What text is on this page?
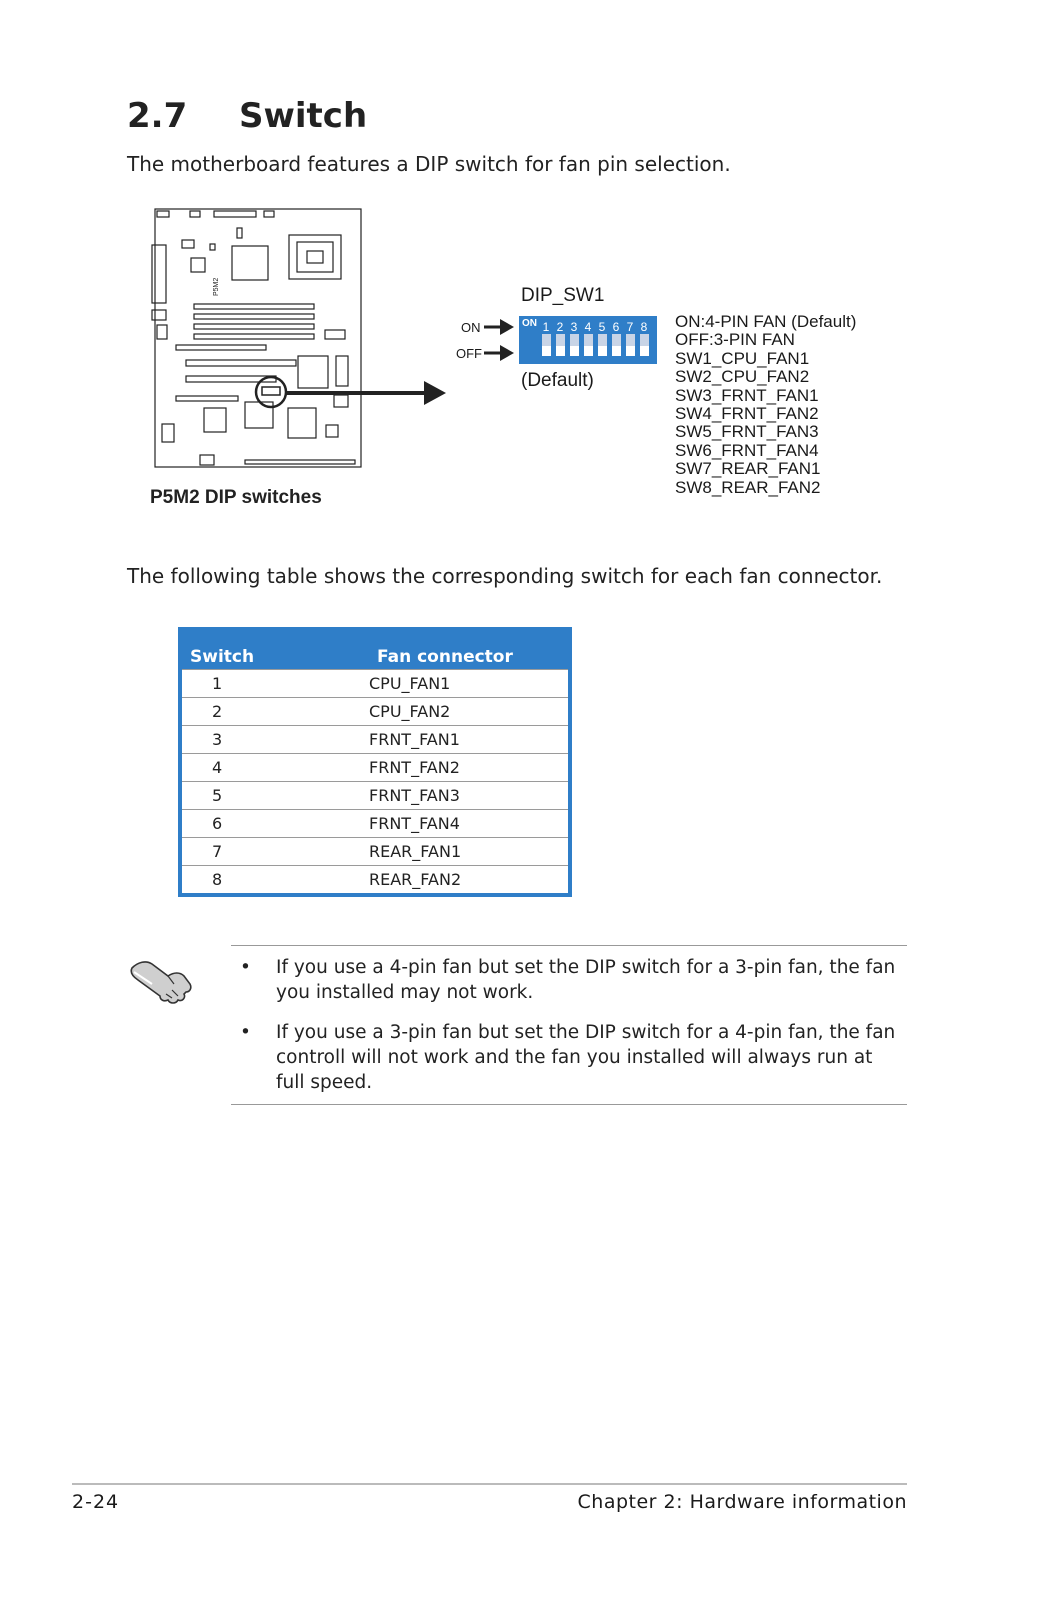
2.7 Switch
The motherboard features a DIP switch for fan pin selection.
P5M2
ON
OFF
DIP_SW1
ON 1 2 3 4 5 6 7 8
(Default)
ON:4-PIN FAN (Default)
OFF:3-PIN FAN
SW1_CPU_FAN1
SW2_CPU_FAN2
SW3_FRNT_FAN1
SW4_FRNT_FAN2
SW5_FRNT_FAN3
SW6_FRNT_FAN4
SW7_REAR_FAN1
SW8_REAR_FAN2
P5M2 DIP switches
The following table shows the corresponding switch for each fan connector.
Switch	Fan connector
1	CPU_FAN1
2	CPU_FAN2
3	FRNT_FAN1
4	FRNT_FAN2
5	FRNT_FAN3
6	FRNT_FAN4
7	REAR_FAN1
8	REAR_FAN2
• If you use a 4-pin fan but set the DIP switch for a 3-pin fan, the fan you installed may not work.
• If you use a 3-pin fan but set the DIP switch for a 4-pin fan, the fan controll will not work and the fan you installed will always run at full speed.
2-24	Chapter 2: Hardware information
